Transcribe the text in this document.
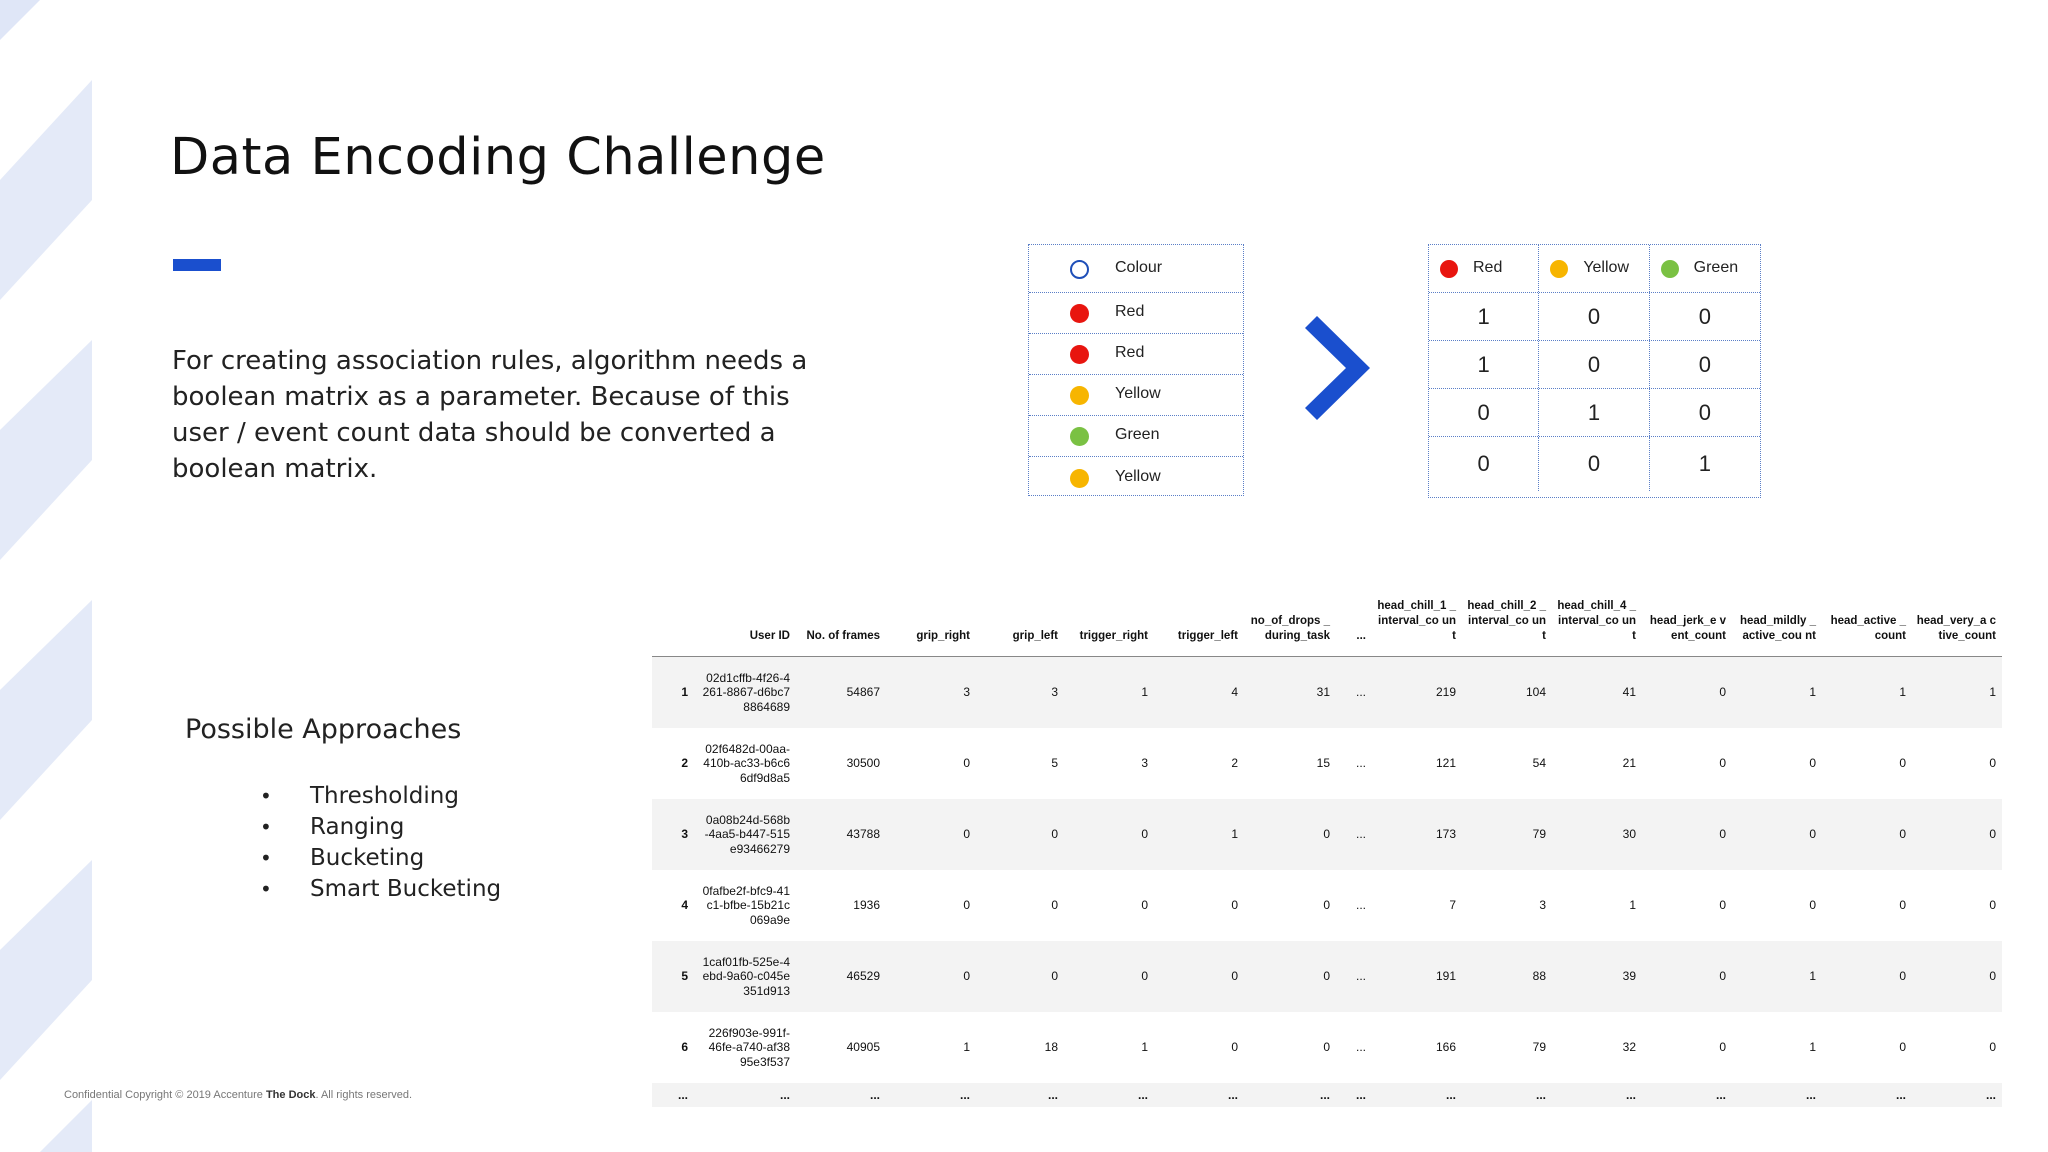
Data Encoding Challenge

For creating association rules, algorithm needs a boolean matrix as a parameter. Because of this user / event count data should be converted a boolean matrix.

Possible Approaches
• Thresholding
• Ranging
• Bucketing
• Smart Bucketing
Colour
Red
Red
Yellow
Green
Yellow
Red	Yellow	Green
1	0	0
1	0	0
0	1	0
0	0	1
	User ID	No. of frames	grip_right	grip_left	trigger_right	trigger_left	no_of_drops _during_task	...	head_chill_1 _interval_co unt	head_chill_2 _interval_co unt	head_chill_4 _interval_co unt	head_jerk_e vent_count	head_mildly _active_cou nt	head_active _count	head_very_a ctive_count
1	02d1cffb-4f26-4261-8867-d6bc78864689	54867	3	3	1	4	31	...	219	104	41	0	1	1	1
2	02f6482d-00aa-410b-ac33-b6c66df9d8a5	30500	0	5	3	2	15	...	121	54	21	0	0	0	0
3	0a08b24d-568b-4aa5-b447-515e93466279	43788	0	0	0	1	0	...	173	79	30	0	0	0	0
4	0fafbe2f-bfc9-41c1-bfbe-15b21c069a9e	1936	0	0	0	0	0	...	7	3	1	0	0	0	0
5	1caf01fb-525e-4ebd-9a60-c045e351d913	46529	0	0	0	0	0	...	191	88	39	0	1	0	0
6	226f903e-991f-46fe-a740-af3895e3f537	40905	1	18	1	0	0	...	166	79	32	0	1	0	0
...	...	...	...	...	...	...	...	...	...	...	...	...	...	...	...
Confidential Copyright © 2019 Accenture The Dock. All rights reserved.
